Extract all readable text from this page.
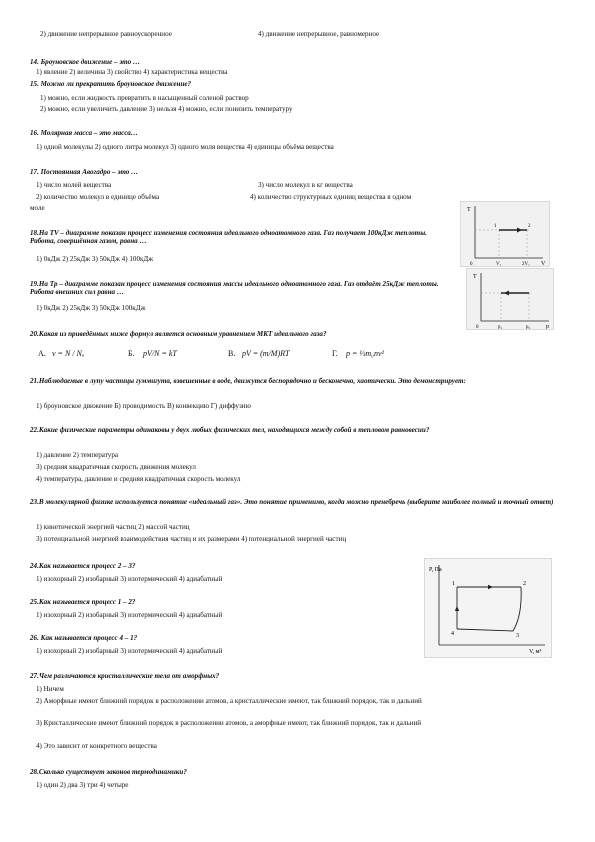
2) движение непрерывное равноускоренное	4) движение непрерывное, равномерное
14. Броуновское движение – это …
1) явление 2) величина 3) свойство 4) характеристика вещества
15. Можно ли прекратить броуновское движение?
1) можно, если жидкость превратить в насыщенный соленой раствор
2) можно, если увеличить давление 3) нельзя 4) можно, если понизить температуру
16. Молярная масса – это масса…
1) одной молекулы 2) одного литра молекул 3) одного моля вещества 4) единицы объёма вещества
17. Постоянная Авогадро – это …
1) число молей вещества	3) число молекул в кг вещества
2) количество молекул в единице объёма	4) количество структурных единиц вещества в одном
моле
18.На TV – диаграмме показан процесс изменения состояния идеального одноатомного газа. Газ получает 100кДж теплоты. Работа, совершённая газом, равна …
1) 0кДж 2) 25кДж 3) 50кДж 4) 100кДж
T
V
0	V₁	2V₁
1	2
19.На Tp – диаграмме показан процесс изменения состояния массы идеального одноатомного газа. Газ отдаёт 25кДж теплоты. Работа внешних сил равна …
1) 0кДж 2) 25кДж 3) 50кДж 100кДж
T
p
0	p₁	p₂
20.Какая из приведённых ниже формул является основным уравнением МКТ идеального газа?
А. ν = N / Nₐ	Б. pV/N = kT	В. pV = (m/M)RT	Г. p = ⅓m₀nv²
21.Наблюдаемые в лупу частицы гуммигута, взвешенные в воде, движутся беспорядочно и бесконечно, хаотически. Это демонстрирует:
1) броуновское движение Б) проводимость В) конвекцию Г) диффузию
22.Какие физические параметры одинаковы у двух любых физических тел, находящихся между собой в тепловом равновесии?
1) давление 2) температура
3) средняя квадратичная скорость движения молекул
4) температура, давление и средняя квадратичная скорость молекул
23.В молекулярной физике используется понятие «идеальный газ». Это понятие применимо, когда можно пренебречь (выберите наиболее полный и точный ответ)
1) кинетической энергией частиц 2) массой частиц
3) потенциальной энергией взаимодействия частиц и их размерами 4) потенциальной энергией частиц
P, Па
V, м³
1	2
3
4
24.Как называется процесс 2 – 3?
1) изохорный 2) изобарный 3) изотермический 4) адиабатный
25.Как называется процесс 1 – 2?
1) изохорный 2) изобарный 3) изотермический 4) адиабатный
26. Как называется процесс 4 – 1?
1) изохорный 2) изобарный 3) изотермический 4) адиабатный
27.Чем различаются кристаллические тела от аморфных?
1) Ничем
2) Аморфные имеют ближний порядок в расположении атомов, а кристаллические имеют, так ближний порядок, так и дальний
3) Кристаллические имеют ближний порядок в расположении атомов, а аморфные имеют, так ближний порядок, так и дальний
4) Это зависит от конкретного вещества
28.Сколько существует законов термодинамики?
1) один 2) два 3) три 4) четыре
